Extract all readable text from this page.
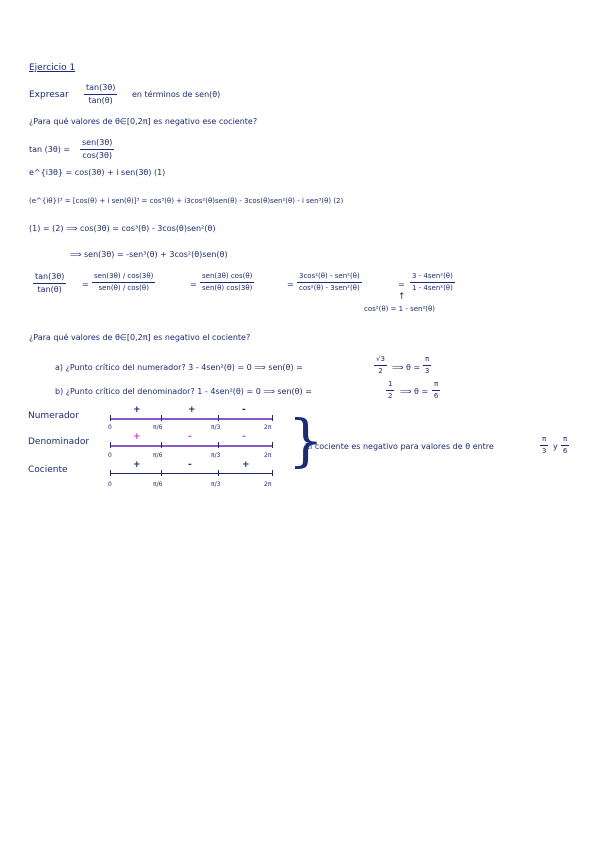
Ejercicio 1
Expresar $\frac{\tan(3\theta)}{\tan(\theta)}$ en términos de sen(θ)
¿Para qué valores de θ∈[0,2π] es negativo ese cociente?
tan (3θ) =
sen(3θ)
cos(3θ)
e^{i3θ} = cos(3θ) + i sen(3θ) (1)
(e^{iθ})³ = [cos(θ) + i sen(θ)]³ = cos³(θ) + i3cos²(θ)sen(θ) - 3cos(θ)sen²(θ) - i sen³(θ) (2)
(1) = (2) ⟹ cos(3θ) = cos³(θ) - 3cos(θ)sen²(θ)
⟹ sen(3θ) = -sen³(θ) + 3cos²(θ)sen(θ)
$\frac{\tan(3\theta)}{\tan(\theta)}$ =
sen(3θ) / cos(3θ)
sen(θ) / cos(θ)	=
sen(3θ) cos(θ)
sen(θ) cos(3θ)	=
3cos²(θ) - sen²(θ)
cos²(θ) - 3sen²(θ)	=
3 - 4sen²(θ)
1 - 4sen²(θ)
↑
cos²(θ) = 1 - sen²(θ)
¿Para qué valores de θ∈[0,2π] es negativo el cociente?
a) ¿Punto crítico del numerador? 3 - 4sen²(θ) = 0 ⟹ sen(θ) =	$\frac{√3}{2}$ ⟹ $\theta = \frac{\pi}{3}$
b) ¿Punto crítico del denominador? 1 - 4sen²(θ) = 0 ⟹ sen(θ) =	$\frac{1}{2}$ ⟹ $\theta = \frac{\pi}{6}$
Numerador
+	+	-
0	π/6	π/3	2π
Denominador	+	-	-
0	π/6	π/3	2π
Cociente	+	-	+
0	π/6	π/3	2π
}
El cociente es negativo para valores de θ entre	$\frac{\pi}{3}$ y $\frac{\pi}{6}$
